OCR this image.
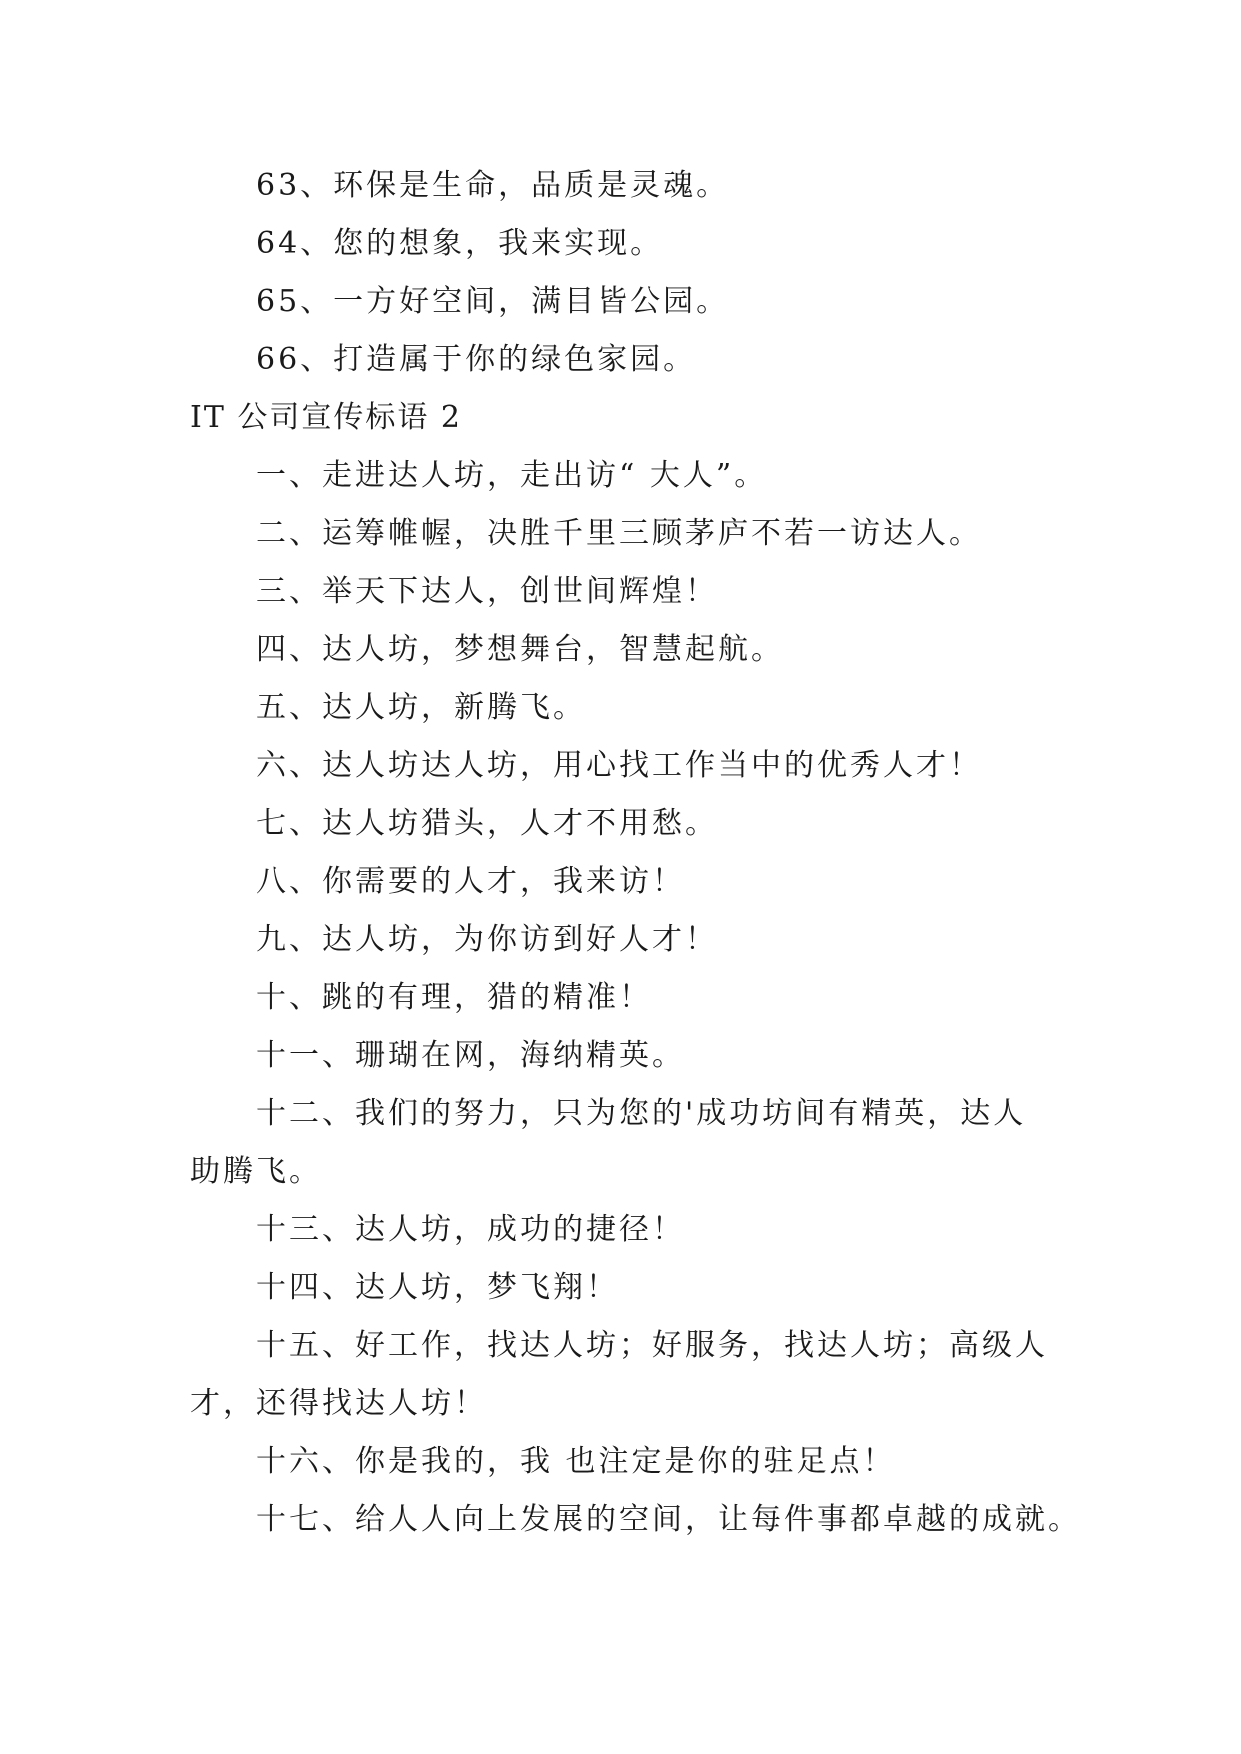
63、环保是生命，品质是灵魂。
64、您的想象，我来实现。
65、一方好空间，满目皆公园。
66、打造属于你的绿色家园。
IT 公司宣传标语 2
一、走进达人坊，走出访“ 大人”。
二、运筹帷幄，决胜千里三顾茅庐不若一访达人。
三、举天下达人，创世间辉煌！
四、达人坊，梦想舞台，智慧起航。
五、达人坊，新腾飞。
六、达人坊达人坊，用心找工作当中的优秀人才！
七、达人坊猎头，人才不用愁。
八、你需要的人才，我来访！
九、达人坊，为你访到好人才！
十、跳的有理，猎的精准！
十一、珊瑚在网，海纳精英。
十二、我们的努力，只为您的'成功坊间有精英，达人
助腾飞。
十三、达人坊，成功的捷径！
十四、达人坊，梦飞翔！
十五、好工作，找达人坊；好服务，找达人坊；高级人
才，还得找达人坊！
十六、你是我的，我 也注定是你的驻足点！
十七、给人人向上发展的空间，让每件事都卓越的成就。
